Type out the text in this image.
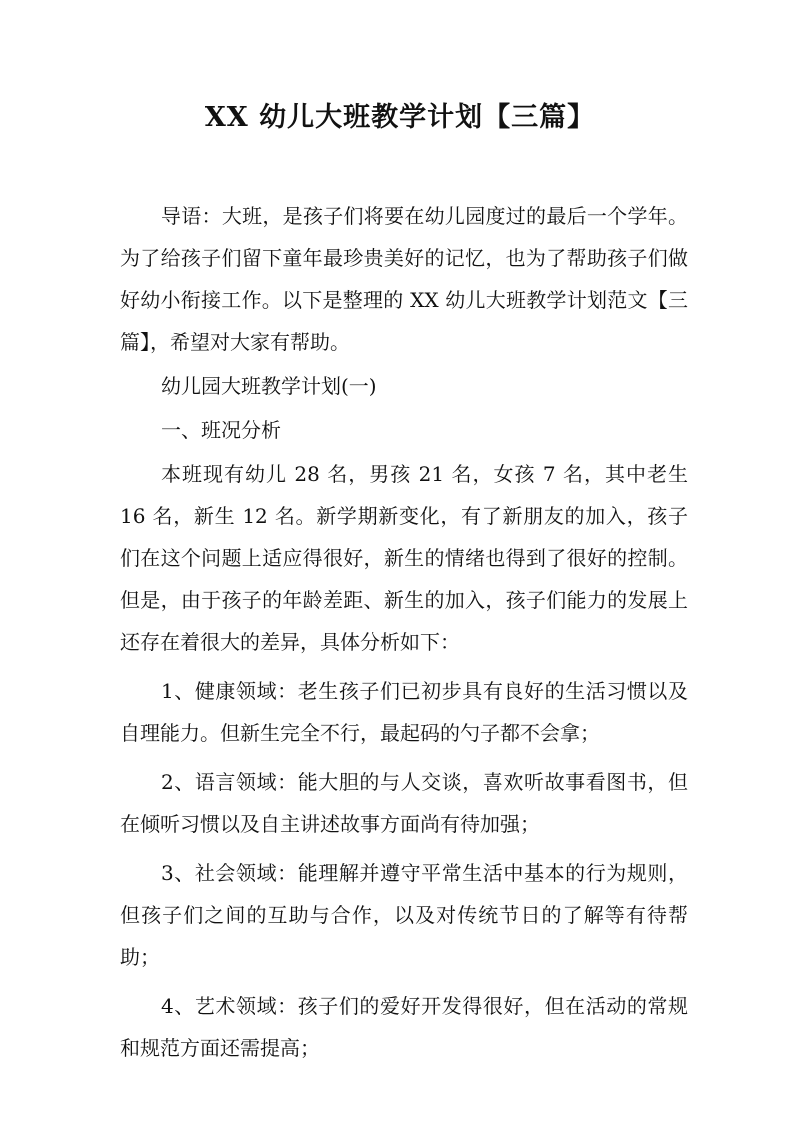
XX 幼儿大班教学计划【三篇】

导语：大班，是孩子们将要在幼儿园度过的最后一个学年。为了给孩子们留下童年最珍贵美好的记忆，也为了帮助孩子们做好幼小衔接工作。以下是整理的 XX 幼儿大班教学计划范文【三篇】，希望对大家有帮助。

幼儿园大班教学计划(一)

一、班况分析

本班现有幼儿 28 名，男孩 21 名，女孩 7 名，其中老生 16 名，新生 12 名。新学期新变化，有了新朋友的加入，孩子们在这个问题上适应得很好，新生的情绪也得到了很好的控制。但是，由于孩子的年龄差距、新生的加入，孩子们能力的发展上还存在着很大的差异，具体分析如下：

1、健康领域：老生孩子们已初步具有良好的生活习惯以及自理能力。但新生完全不行，最起码的勺子都不会拿；

2、语言领域：能大胆的与人交谈，喜欢听故事看图书，但在倾听习惯以及自主讲述故事方面尚有待加强；

3、社会领域：能理解并遵守平常生活中基本的行为规则，但孩子们之间的互助与合作，以及对传统节日的了解等有待帮助；

4、艺术领域：孩子们的爱好开发得很好，但在活动的常规和规范方面还需提高；
